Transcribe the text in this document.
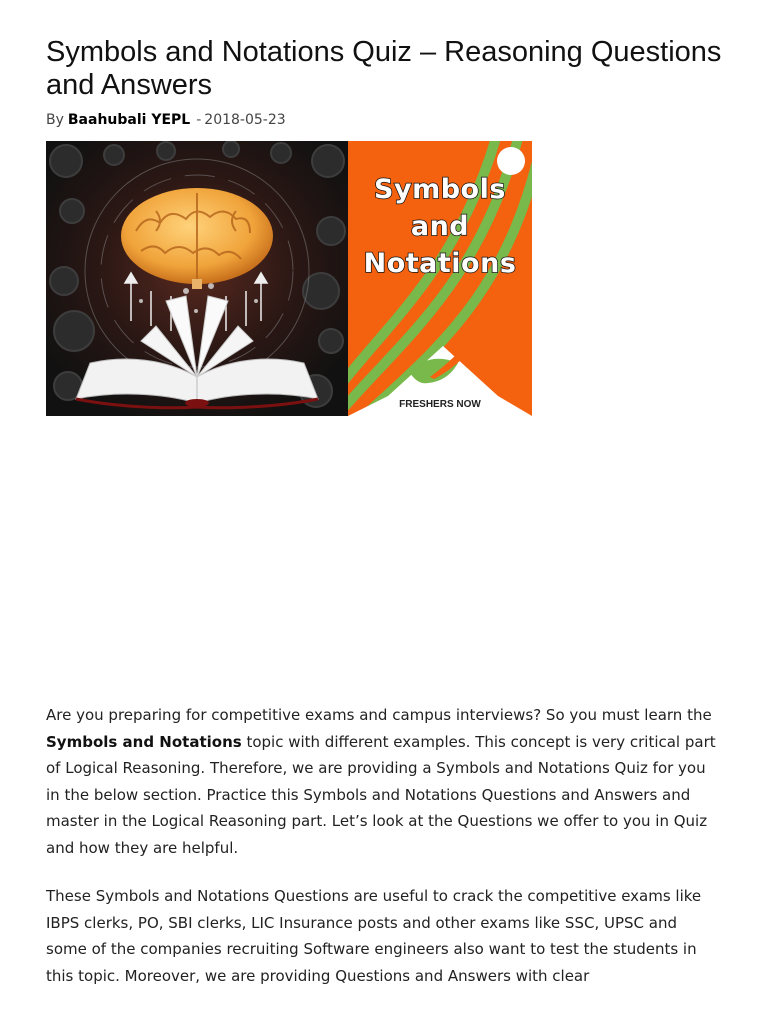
Symbols and Notations Quiz – Reasoning Questions and Answers
By Baahubali YEPL - 2018-05-23
Symbols
and
Notations
FRESHERS NOW

Are you preparing for competitive exams and campus interviews? So you must learn the Symbols and Notations topic with different examples. This concept is very critical part of Logical Reasoning. Therefore, we are providing a Symbols and Notations Quiz for you in the below section. Practice this Symbols and Notations Questions and Answers and master in the Logical Reasoning part. Let’s look at the Questions we offer to you in Quiz and how they are helpful.

These Symbols and Notations Questions are useful to crack the competitive exams like IBPS clerks, PO, SBI clerks, LIC Insurance posts and other exams like SSC, UPSC and some of the companies recruiting Software engineers also want to test the students in this topic. Moreover, we are providing Questions and Answers with clear
